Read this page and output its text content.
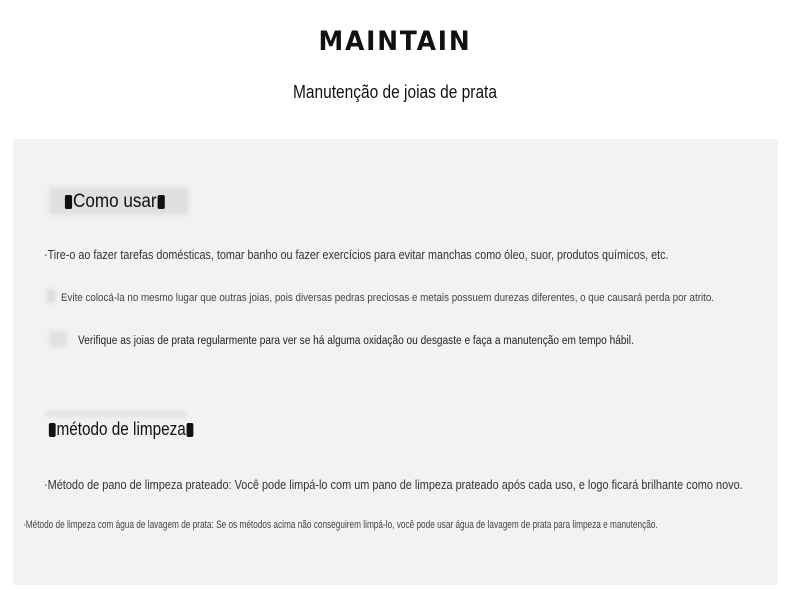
MAINTAIN
· · · · · · · · · · · · · ·
Manutenção de joias de prata
Como usar
·Tire-o ao fazer tarefas domésticas, tomar banho ou fazer exercícios para evitar manchas como óleo, suor, produtos químicos, etc.
Evite colocá-la no mesmo lugar que outras joias, pois diversas pedras preciosas e metais possuem durezas diferentes, o que causará perda por atrito.
Verifique as joias de prata regularmente para ver se há alguma oxidação ou desgaste e faça a manutenção em tempo hábil.
método de limpeza
·Método de pano de limpeza prateado: Você pode limpá-lo com um pano de limpeza prateado após cada uso, e logo ficará brilhante como novo.
·Método de limpeza com água de lavagem de prata: Se os métodos acima não conseguirem limpá-lo, você pode usar água de lavagem de prata para limpeza e manutenção.
